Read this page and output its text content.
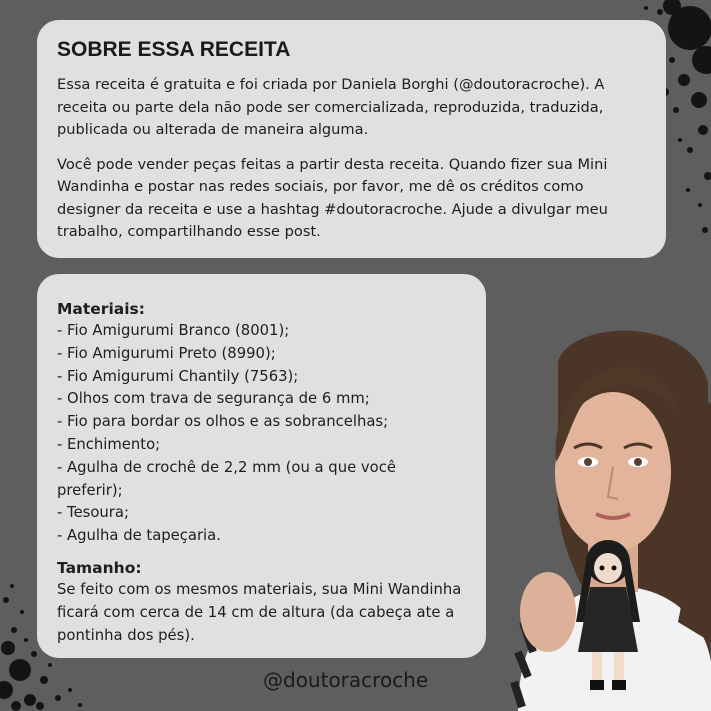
SOBRE ESSA RECEITA

Essa receita é gratuita e foi criada por Daniela Borghi (@doutoracroche). A receita ou parte dela não pode ser comercializada, reproduzida, traduzida, publicada ou alterada de maneira alguma.

Você pode vender peças feitas a partir desta receita. Quando fizer sua Mini Wandinha e postar nas redes sociais, por favor, me dê os créditos como designer da receita e use a hashtag #doutoracroche. Ajude a divulgar meu trabalho, compartilhando esse post.

Materiais:

- Fio Amigurumi Branco (8001);
- Fio Amigurumi Preto (8990);
- Fio Amigurumi Chantily (7563);
- Olhos com trava de segurança de 6 mm;
- Fio para bordar os olhos e as sobrancelhas;
- Enchimento;
- Agulha de crochê de 2,2 mm (ou a que você preferir);
- Tesoura;
- Agulha de tapeçaria.

Tamanho:

Se feito com os mesmos materiais, sua Mini Wandinha ficará com cerca de 14 cm de altura (da cabeça ate a pontinha dos pés).

@doutoracroche
